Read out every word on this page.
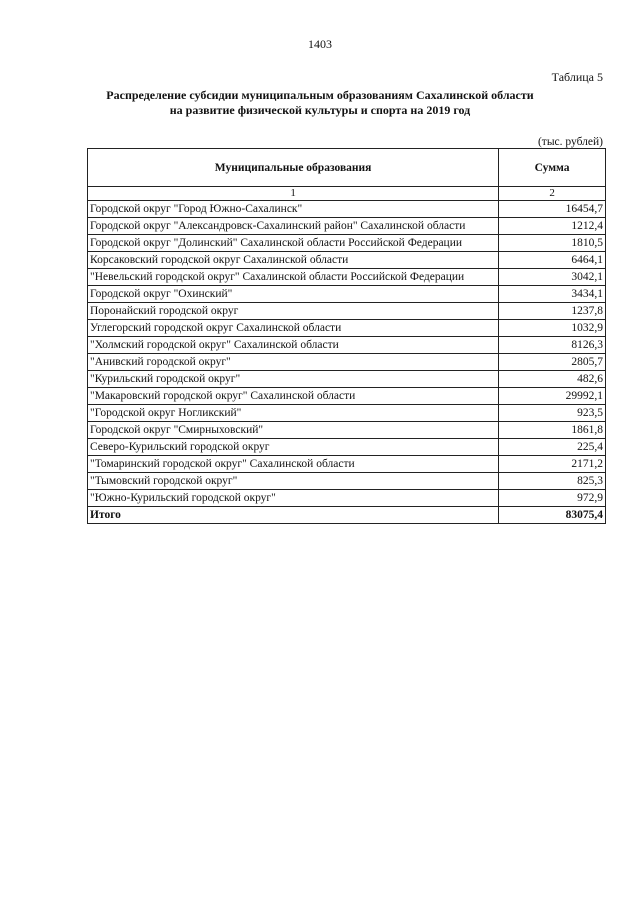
1403
Таблица 5
Распределение субсидии муниципальным образованиям Сахалинской области
на развитие физической культуры и спорта на 2019 год
(тыс. рублей)
Муниципальные образования	Сумма
1	2
Городской округ "Город Южно-Сахалинск"	16454,7
Городской округ "Александровск-Сахалинский район" Сахалинской области	1212,4
Городской округ "Долинский" Сахалинской области Российской Федерации	1810,5
Корсаковский городской округ Сахалинской области	6464,1
"Невельский городской округ" Сахалинской области Российской Федерации	3042,1
Городской округ "Охинский"	3434,1
Поронайский городской округ	1237,8
Углегорский городской округ Сахалинской области	1032,9
"Холмский городской округ" Сахалинской области	8126,3
"Анивский городской округ"	2805,7
"Курильский городской округ"	482,6
"Макаровский городской округ" Сахалинской области	29992,1
"Городской округ Ногликский"	923,5
Городской округ "Смирныховский"	1861,8
Северо-Курильский городской округ	225,4
"Томаринский городской округ" Сахалинской области	2171,2
"Тымовский городской округ"	825,3
"Южно-Курильский городской округ"	972,9
Итого	83075,4
